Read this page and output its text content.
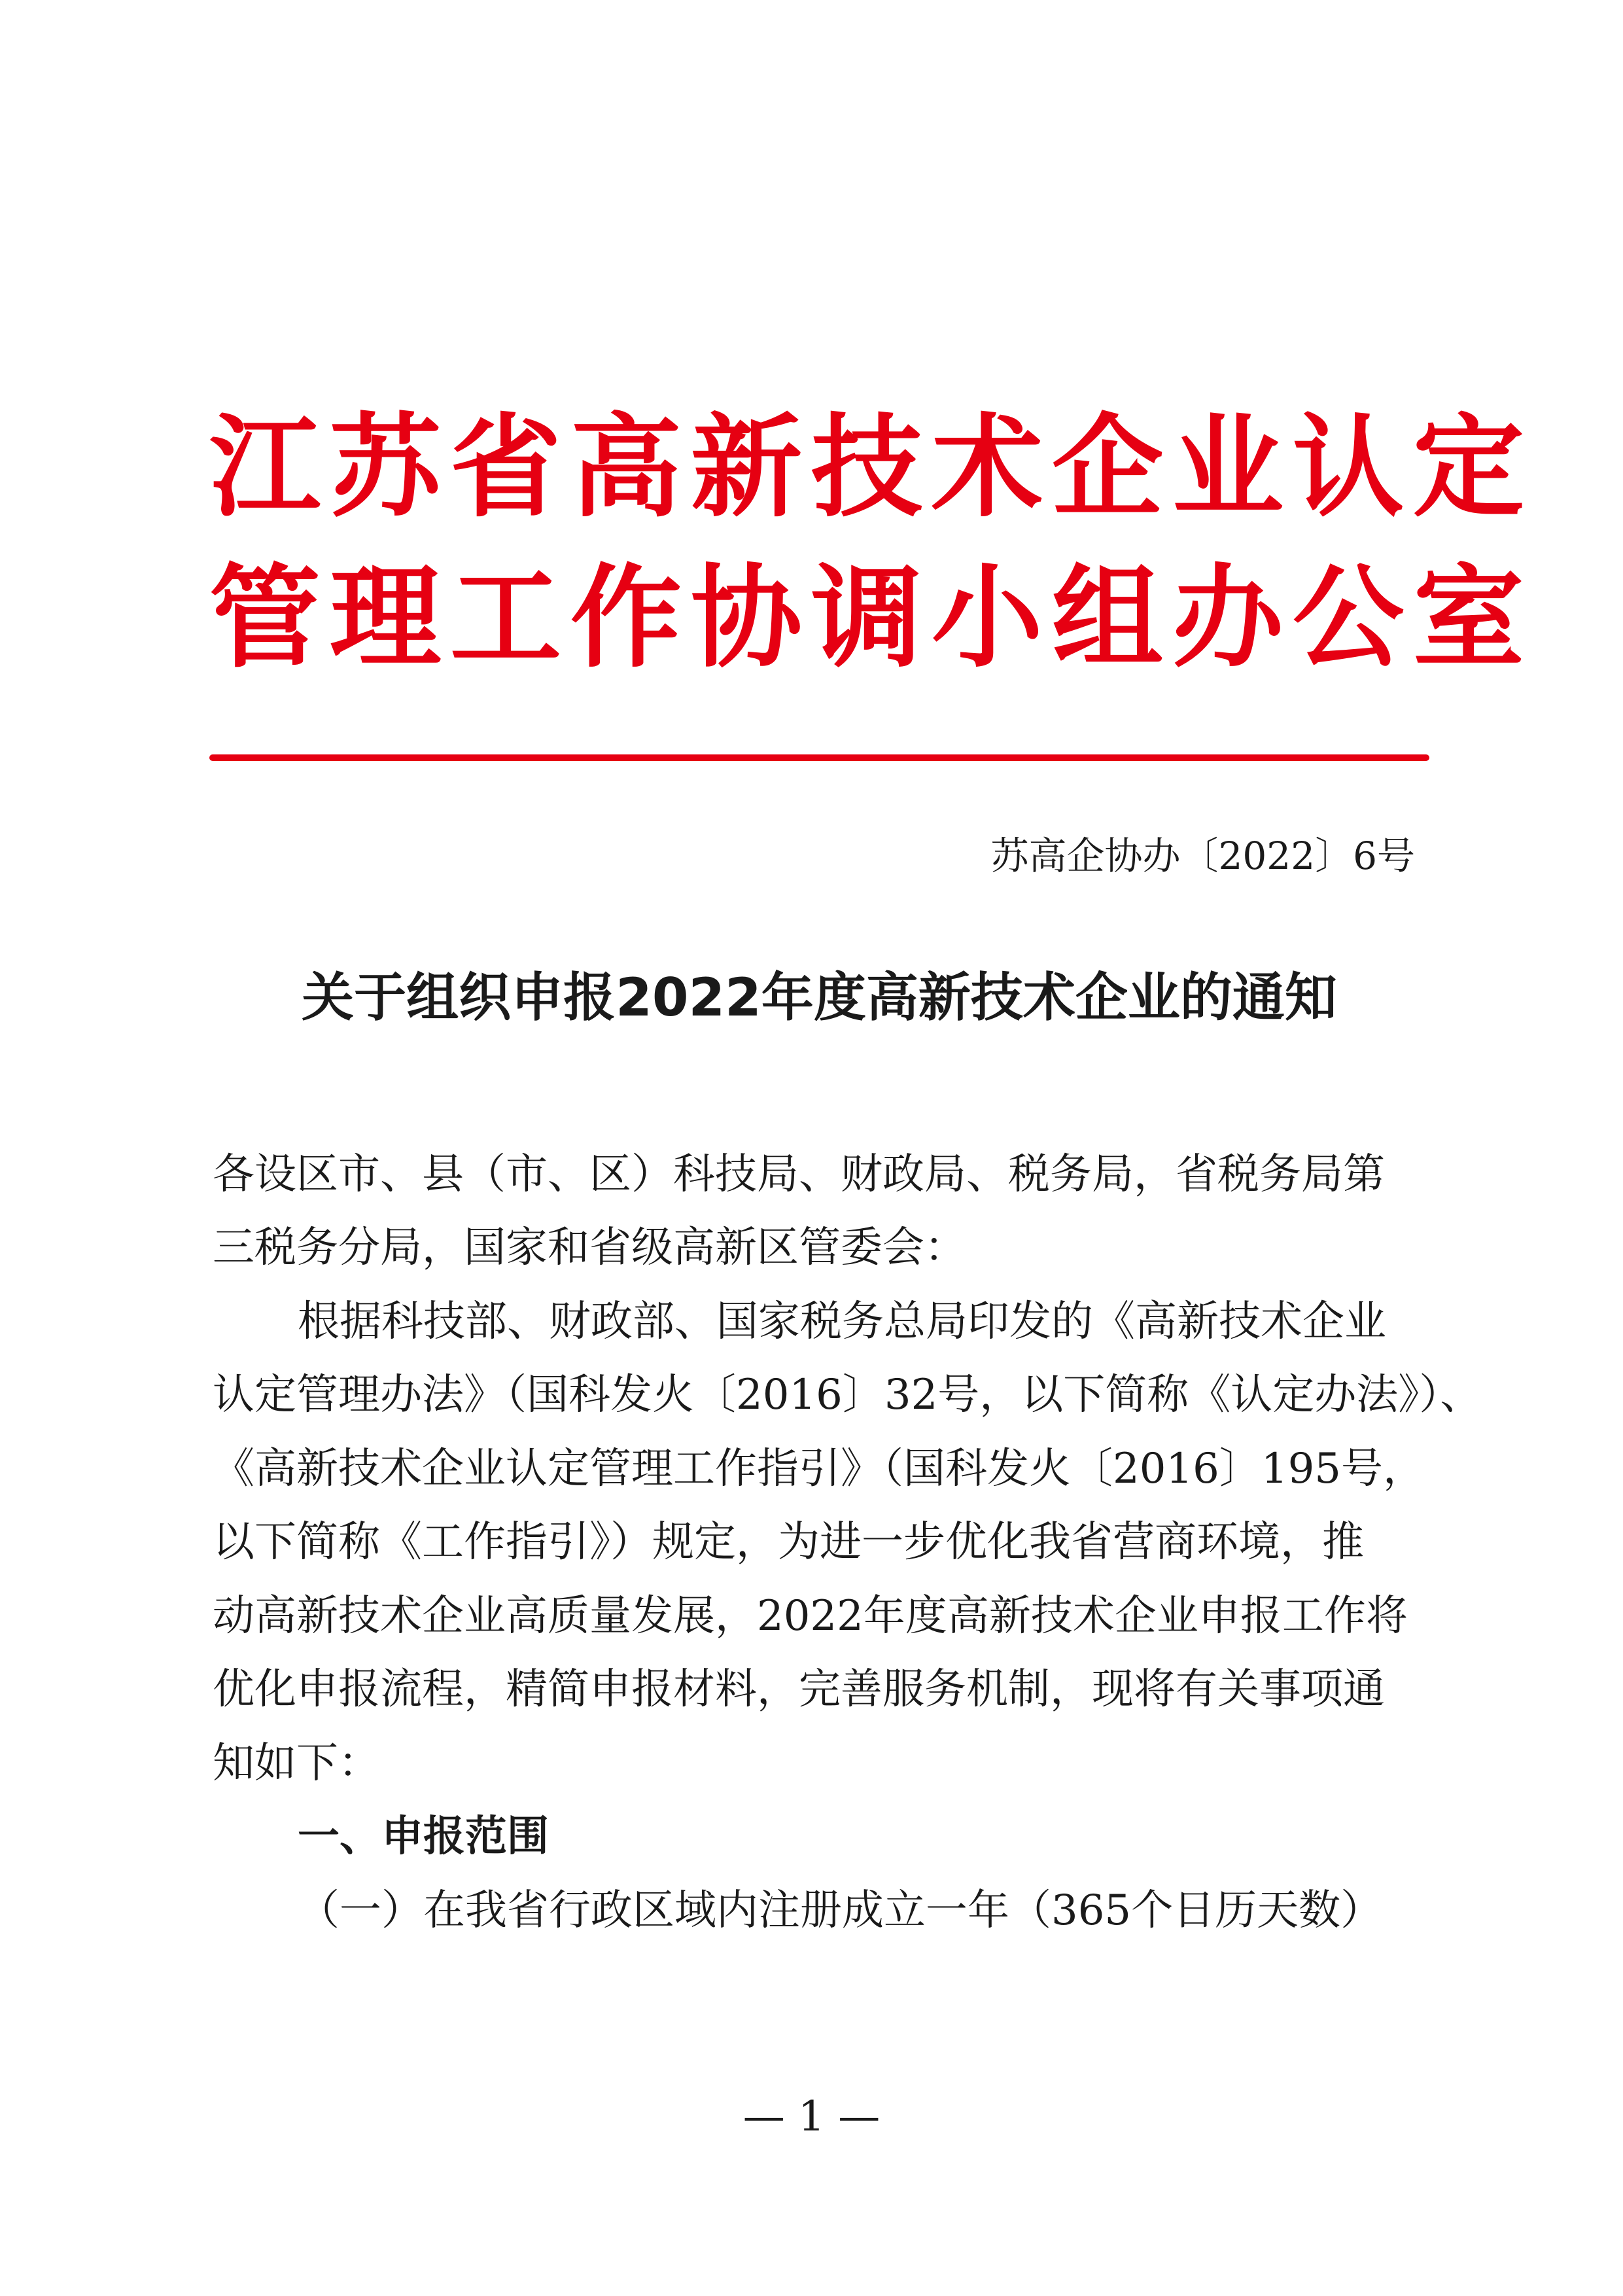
江苏省高新技术企业认定
管理工作协调小组办公室
苏高企协办〔2022〕6号
关于组织申报2022年度高新技术企业的通知
各设区市、县（市、区）科技局、财政局、税务局，省税务局第
三税务分局，国家和省级高新区管委会：
根据科技部、财政部、国家税务总局印发的《高新技术企业
认定管理办法》（国科发火〔2016〕32号，以下简称《认定办法》）、
《高新技术企业认定管理工作指引》（国科发火〔2016〕195号，
以下简称《工作指引》）规定，为进一步优化我省营商环境，推
动高新技术企业高质量发展，2022年度高新技术企业申报工作将
优化申报流程，精简申报材料，完善服务机制，现将有关事项通
知如下：
一、申报范围
（一）在我省行政区域内注册成立一年（365个日历天数）
— 1 —
